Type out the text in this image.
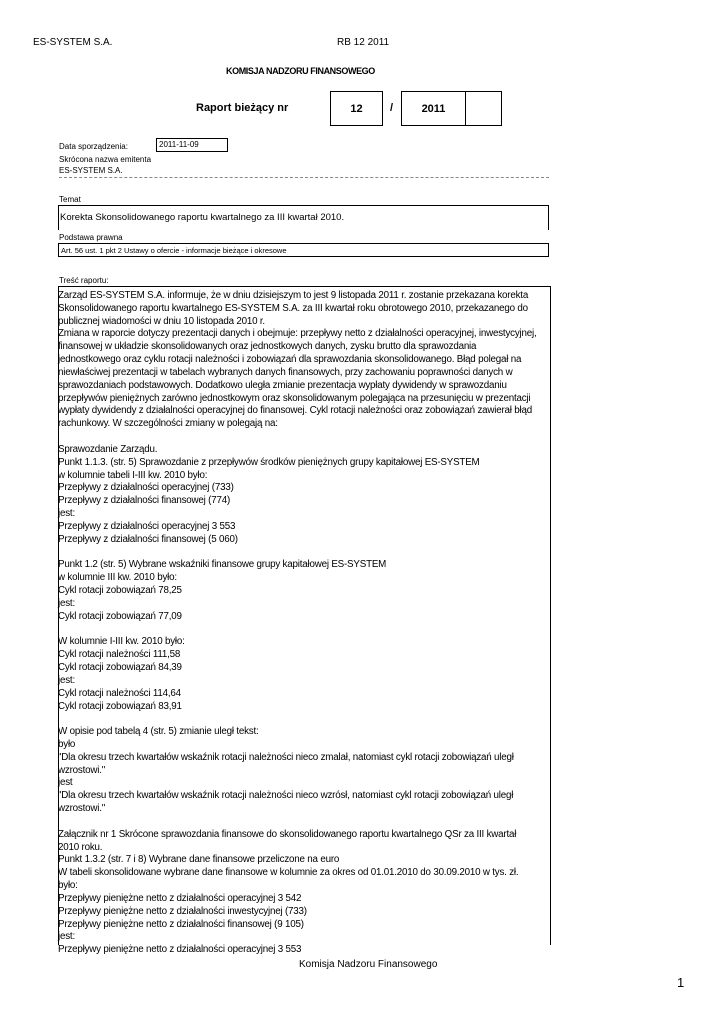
ES-SYSTEM S.A.	RB 12 2011
KOMISJA NADZORU FINANSOWEGO
Raport bieżący nr	12	/	2011
Data sporządzenia:	2011-11-09
Skrócona nazwa emitenta
ES-SYSTEM S.A.
Temat
Korekta Skonsolidowanego raportu kwartalnego za III kwartał 2010.
Podstawa prawna
Art. 56 ust. 1 pkt 2 Ustawy o ofercie - informacje bieżące i okresowe
Treść raportu:
Zarząd ES-SYSTEM S.A. informuje, że w dniu dzisiejszym to jest 9 listopada 2011 r. zostanie przekazana korekta
Skonsolidowanego raportu kwartalnego ES-SYSTEM S.A. za III kwartał roku obrotowego 2010, przekazanego do
publicznej wiadomości w dniu 10 listopada 2010 r.
Zmiana w raporcie dotyczy prezentacji danych i obejmuje: przepływy netto z działalności operacyjnej, inwestycyjnej,
finansowej w układzie skonsolidowanych oraz jednostkowych danych, zysku brutto dla sprawozdania
jednostkowego oraz cyklu rotacji należności i zobowiązań dla sprawozdania skonsolidowanego. Błąd polegał na
niewłaściwej prezentacji w tabelach wybranych danych finansowych, przy zachowaniu poprawności danych w
sprawozdaniach podstawowych. Dodatkowo uległa zmianie prezentacja wypłaty dywidendy w sprawozdaniu
przepływów pieniężnych zarówno jednostkowym oraz skonsolidowanym polegająca na przesunięciu w prezentacji
wypłaty dywidendy z działalności operacyjnej do finansowej. Cykl rotacji należności oraz zobowiązań zawierał błąd
rachunkowy. W szczególności zmiany w polegają na:
Sprawozdanie Zarządu.
Punkt 1.1.3. (str. 5) Sprawozdanie z przepływów środków pieniężnych grupy kapitałowej ES-SYSTEM
w kolumnie tabeli I-III kw. 2010 było:
Przepływy z działalności operacyjnej (733)
Przepływy z działalności finansowej (774)
jest:
Przepływy z działalności operacyjnej 3 553
Przepływy z działalności finansowej (5 060)
Punkt 1.2 (str. 5) Wybrane wskaźniki finansowe grupy kapitałowej ES-SYSTEM
w kolumnie III kw. 2010 było:
Cykl rotacji zobowiązań 78,25
jest:
Cykl rotacji zobowiązań 77,09
W kolumnie I-III kw. 2010 było:
Cykl rotacji należności 111,58
Cykl rotacji zobowiązań 84,39
jest:
Cykl rotacji należności 114,64
Cykl rotacji zobowiązań 83,91
W opisie pod tabelą 4 (str. 5) zmianie uległ tekst:
było
"Dla okresu trzech kwartałów wskaźnik rotacji należności nieco zmalał, natomiast cykl rotacji zobowiązań uległ
wzrostowi."
jest
"Dla okresu trzech kwartałów wskaźnik rotacji należności nieco wzrósł, natomiast cykl rotacji zobowiązań uległ
wzrostowi."
Załącznik nr 1 Skrócone sprawozdania finansowe do skonsolidowanego raportu kwartalnego QSr za III kwartał
2010 roku.
Punkt 1.3.2 (str. 7 i 8) Wybrane dane finansowe przeliczone na euro
W tabeli skonsolidowane wybrane dane finansowe w kolumnie za okres od 01.01.2010 do 30.09.2010 w tys. zł.
było:
Przepływy pieniężne netto z działalności operacyjnej 3 542
Przepływy pieniężne netto z działalności inwestycyjnej (733)
Przepływy pieniężne netto z działalności finansowej (9 105)
jest:
Przepływy pieniężne netto z działalności operacyjnej 3 553
Komisja Nadzoru Finansowego
1
